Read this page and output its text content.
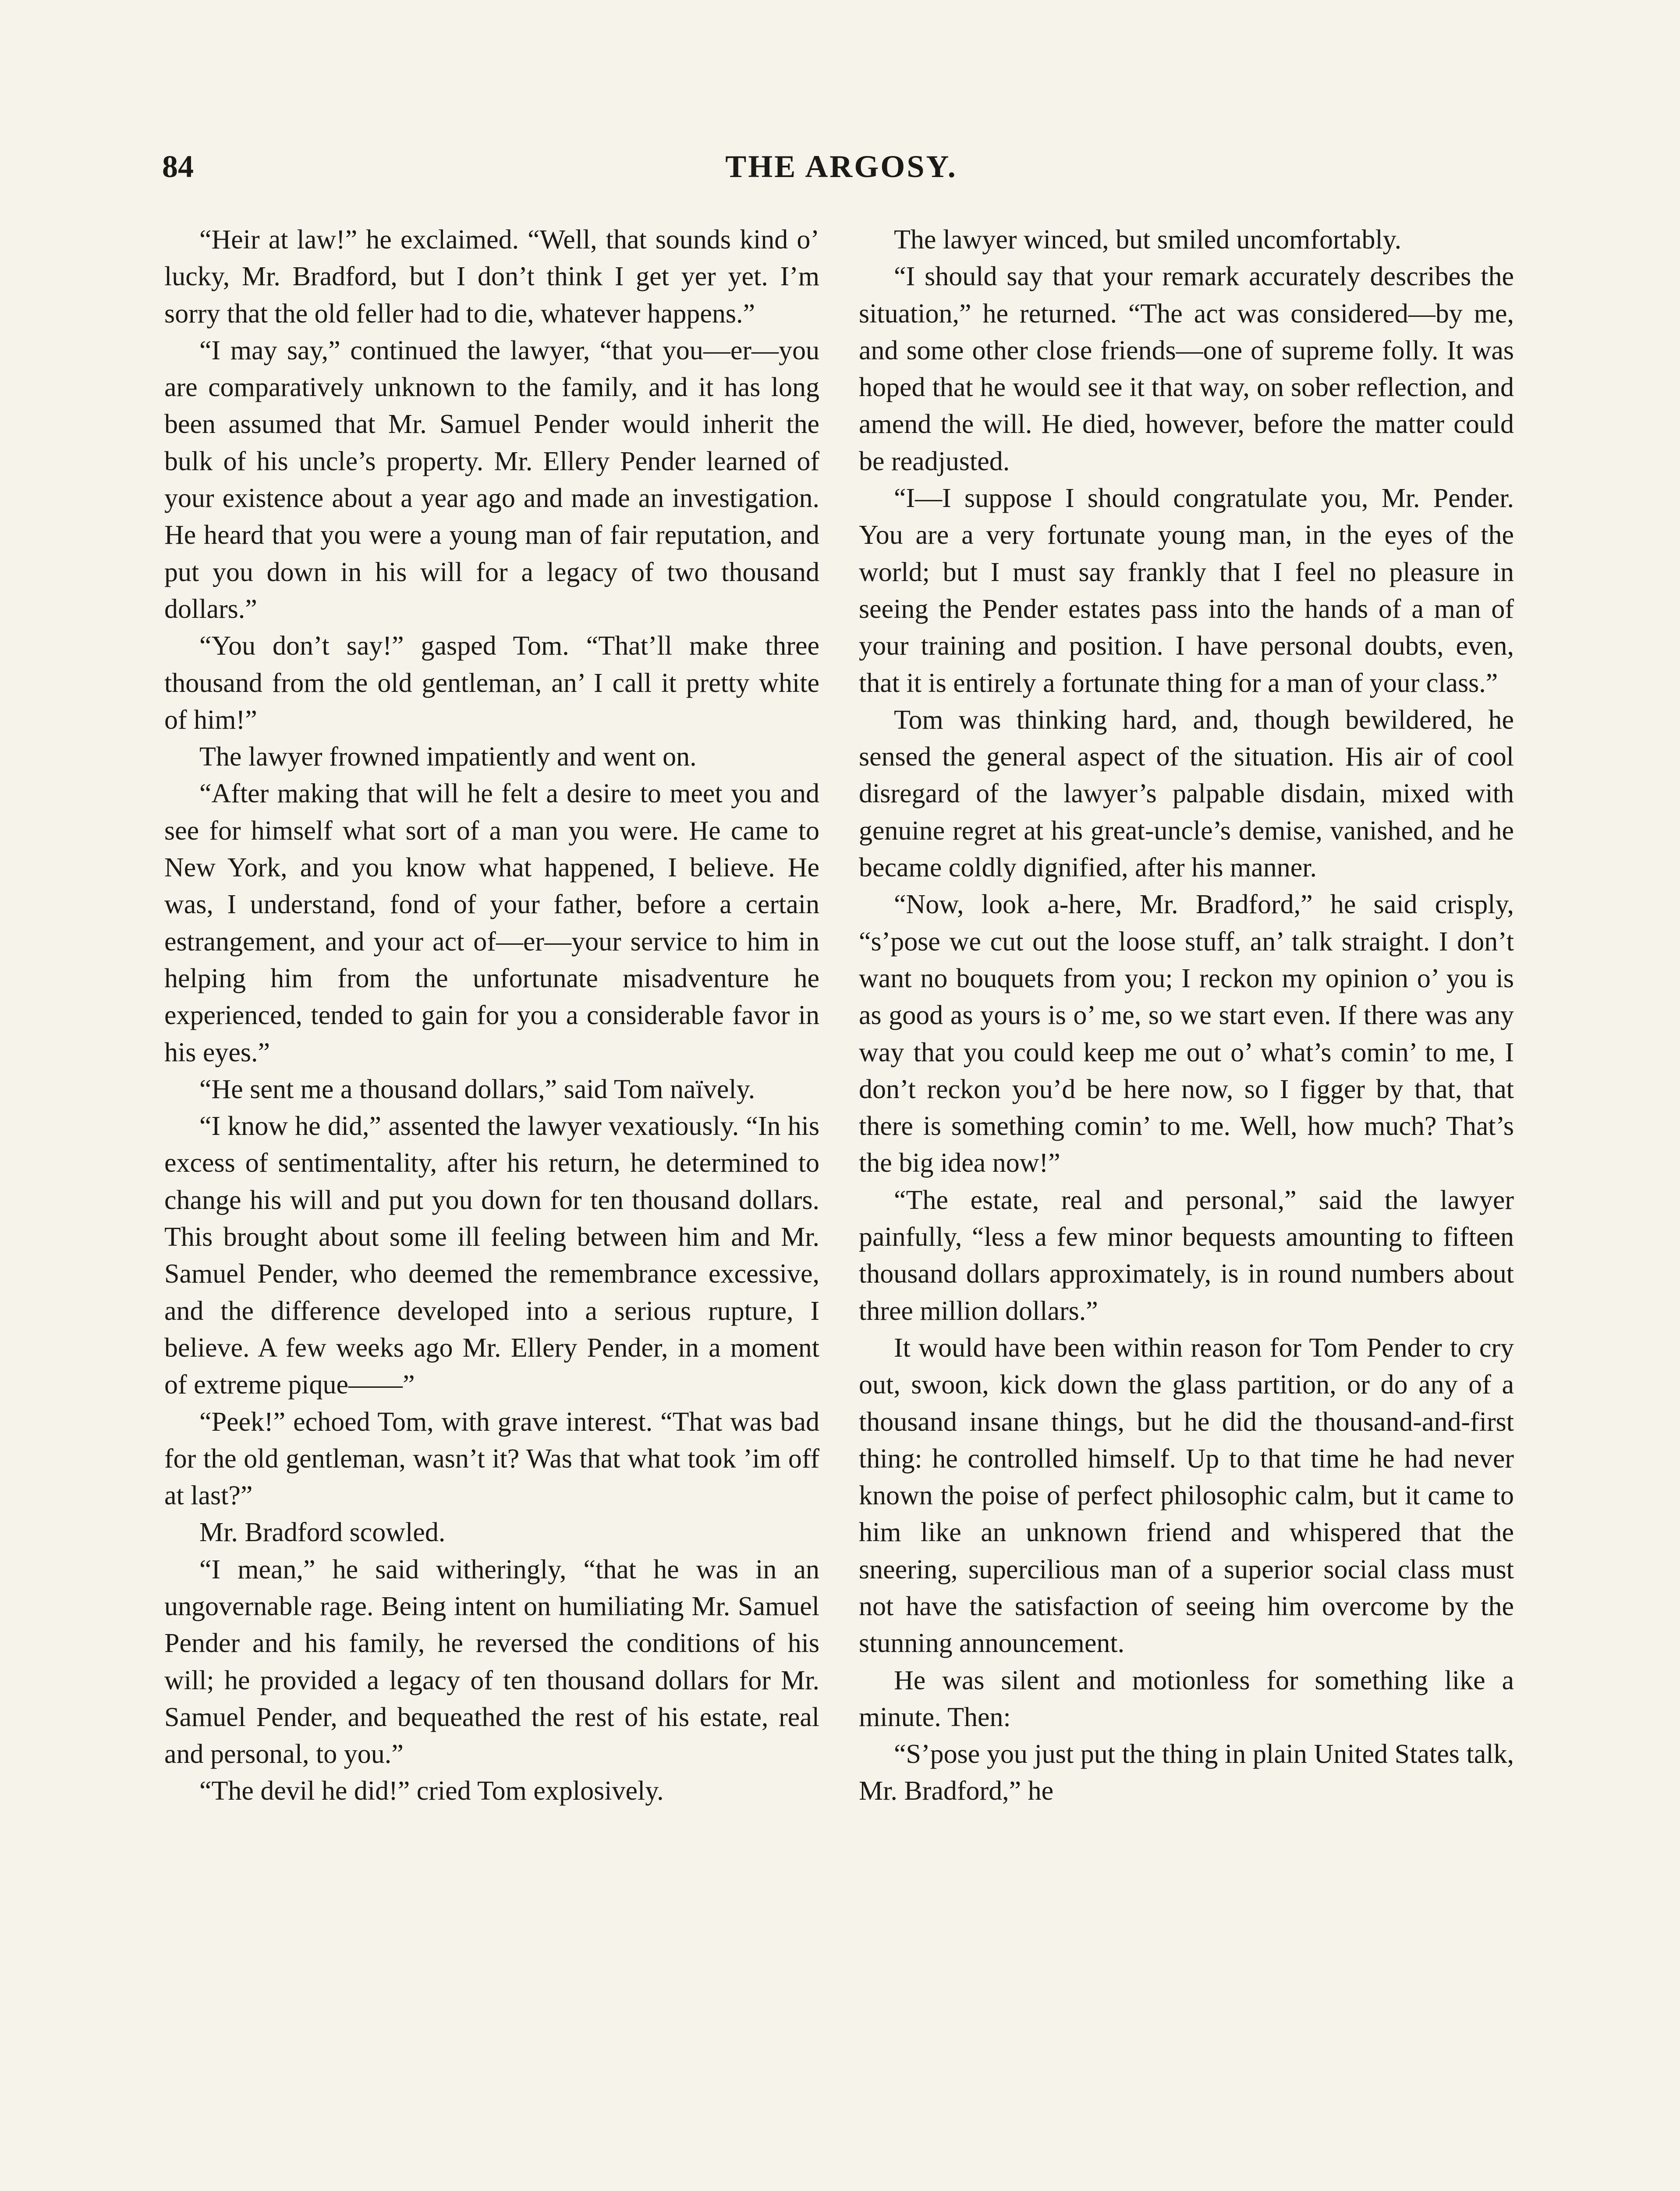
84	THE ARGOSY.

“Heir at law!” he exclaimed. “Well, that sounds kind o’ lucky, Mr. Bradford, but I don’t think I get yer yet. I’m sorry that the old feller had to die, whatever happens.”

“I may say,” continued the lawyer, “that you—er—you are comparatively unknown to the family, and it has long been assumed that Mr. Samuel Pender would inherit the bulk of his uncle’s property. Mr. Ellery Pender learned of your existence about a year ago and made an investigation. He heard that you were a young man of fair reputation, and put you down in his will for a legacy of two thousand dollars.”

“You don’t say!” gasped Tom. “That’ll make three thousand from the old gentleman, an’ I call it pretty white of him!”

The lawyer frowned impatiently and went on.

“After making that will he felt a desire to meet you and see for himself what sort of a man you were. He came to New York, and you know what happened, I believe. He was, I understand, fond of your father, before a certain estrangement, and your act of—er—your service to him in helping him from the unfortunate misadventure he experienced, tended to gain for you a considerable favor in his eyes.”

“He sent me a thousand dollars,” said Tom naïvely.

“I know he did,” assented the lawyer vexatiously. “In his excess of sentimentality, after his return, he determined to change his will and put you down for ten thousand dollars. This brought about some ill feeling between him and Mr. Samuel Pender, who deemed the remembrance excessive, and the difference developed into a serious rupture, I believe. A few weeks ago Mr. Ellery Pender, in a moment of extreme pique——”

“Peek!” echoed Tom, with grave interest. “That was bad for the old gentleman, wasn’t it? Was that what took ’im off at last?”

Mr. Bradford scowled.

“I mean,” he said witheringly, “that he was in an ungovernable rage. Being intent on humiliating Mr. Samuel Pender and his family, he reversed the conditions of his will; he provided a legacy of ten thousand dollars for Mr. Samuel Pender, and bequeathed the rest of his estate, real and personal, to you.”

“The devil he did!” cried Tom explosively.

The lawyer winced, but smiled uncomfortably.

“I should say that your remark accurately describes the situation,” he returned. “The act was considered—by me, and some other close friends—one of supreme folly. It was hoped that he would see it that way, on sober reflection, and amend the will. He died, however, before the matter could be readjusted.

“I—I suppose I should congratulate you, Mr. Pender. You are a very fortunate young man, in the eyes of the world; but I must say frankly that I feel no pleasure in seeing the Pender estates pass into the hands of a man of your training and position. I have personal doubts, even, that it is entirely a fortunate thing for a man of your class.”

Tom was thinking hard, and, though bewildered, he sensed the general aspect of the situation. His air of cool disregard of the lawyer’s palpable disdain, mixed with genuine regret at his great-uncle’s demise, vanished, and he became coldly dignified, after his manner.

“Now, look a-here, Mr. Bradford,” he said crisply, “s’pose we cut out the loose stuff, an’ talk straight. I don’t want no bouquets from you; I reckon my opinion o’ you is as good as yours is o’ me, so we start even. If there was any way that you could keep me out o’ what’s comin’ to me, I don’t reckon you’d be here now, so I figger by that, that there is something comin’ to me. Well, how much? That’s the big idea now!”

“The estate, real and personal,” said the lawyer painfully, “less a few minor bequests amounting to fifteen thousand dollars approximately, is in round numbers about three million dollars.”

It would have been within reason for Tom Pender to cry out, swoon, kick down the glass partition, or do any of a thousand insane things, but he did the thousand-and-first thing: he controlled himself. Up to that time he had never known the poise of perfect philosophic calm, but it came to him like an unknown friend and whispered that the sneering, supercilious man of a superior social class must not have the satisfaction of seeing him overcome by the stunning announcement.

He was silent and motionless for something like a minute. Then:

“S’pose you just put the thing in plain United States talk, Mr. Bradford,” he
